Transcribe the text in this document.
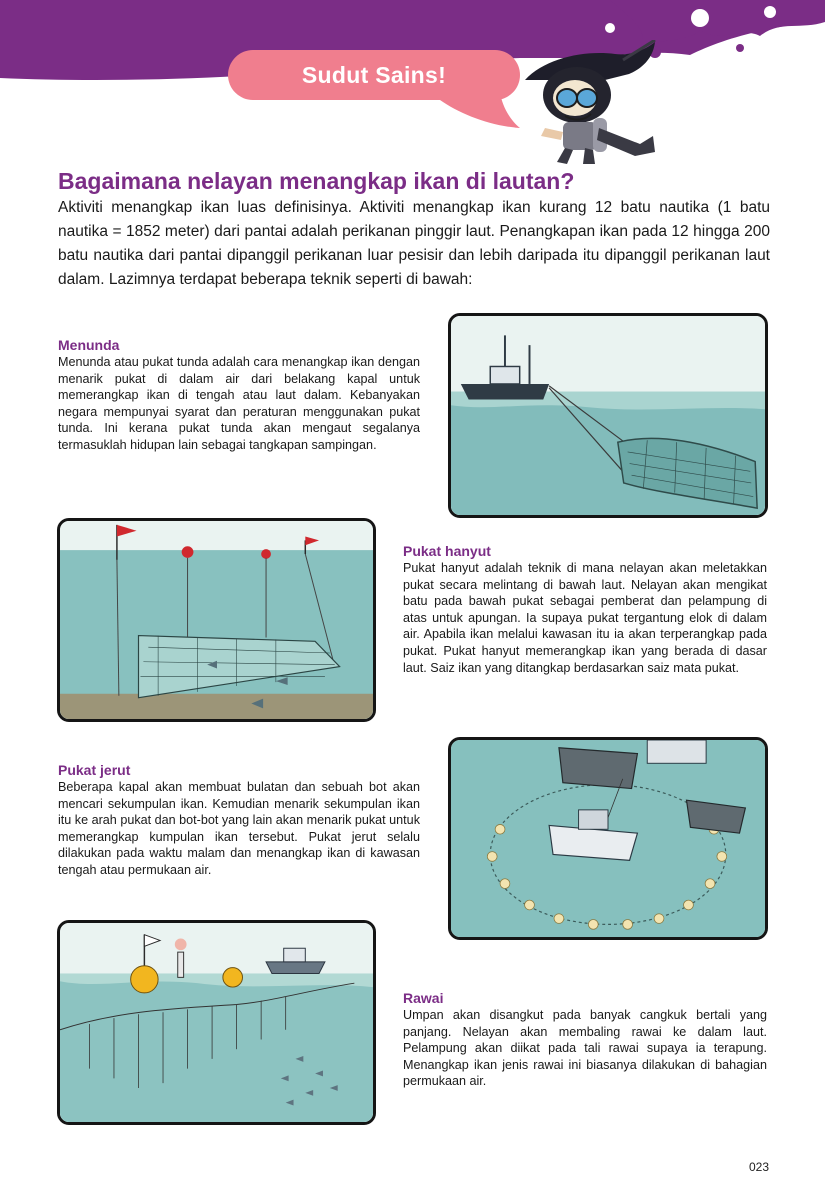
Sudut Sains!
Bagaimana nelayan menangkap ikan di lautan?

Aktiviti menangkap ikan luas definisinya. Aktiviti menangkap ikan kurang 12 batu nautika (1 batu nautika = 1852 meter) dari pantai adalah perikanan pinggir laut. Penangkapan ikan pada 12 hingga 200 batu nautika dari pantai dipanggil perikanan luar pesisir dan lebih daripada itu dipanggil perikanan laut dalam. Lazimnya terdapat beberapa teknik seperti di bawah:

Menunda

Menunda atau pukat tunda adalah cara menangkap ikan dengan menarik pukat di dalam air dari belakang kapal untuk memerangkap ikan di tengah atau laut dalam. Kebanyakan negara mempunyai syarat dan peraturan menggunakan pukat tunda. Ini kerana pukat tunda akan mengaut segalanya termasuklah hidupan lain sebagai tangkapan sampingan.

Pukat hanyut

Pukat hanyut adalah teknik di mana nelayan akan meletakkan pukat secara melintang di bawah laut. Nelayan akan mengikat batu pada bawah pukat sebagai pemberat dan pelampung di atas untuk apungan. Ia supaya pukat tergantung elok di dalam air. Apabila ikan melalui kawasan itu ia akan terperangkap pada pukat. Pukat hanyut memerangkap ikan yang berada di dasar laut. Saiz ikan yang ditangkap berdasarkan saiz mata pukat.

Pukat jerut

Beberapa kapal akan membuat bulatan dan sebuah bot akan mencari sekumpulan ikan. Kemudian menarik sekumpulan ikan itu ke arah pukat dan bot-bot yang lain akan menarik pukat untuk memerangkap kumpulan ikan tersebut. Pukat jerut selalu dilakukan pada waktu malam dan menangkap ikan di kawasan tengah atau permukaan air.

Rawai

Umpan akan disangkut pada banyak cangkuk bertali yang panjang. Nelayan akan membaling rawai ke dalam laut. Pelampung akan diikat pada tali rawai supaya ia terapung. Menangkap ikan jenis rawai ini biasanya dilakukan di bahagian permukaan air.

023
